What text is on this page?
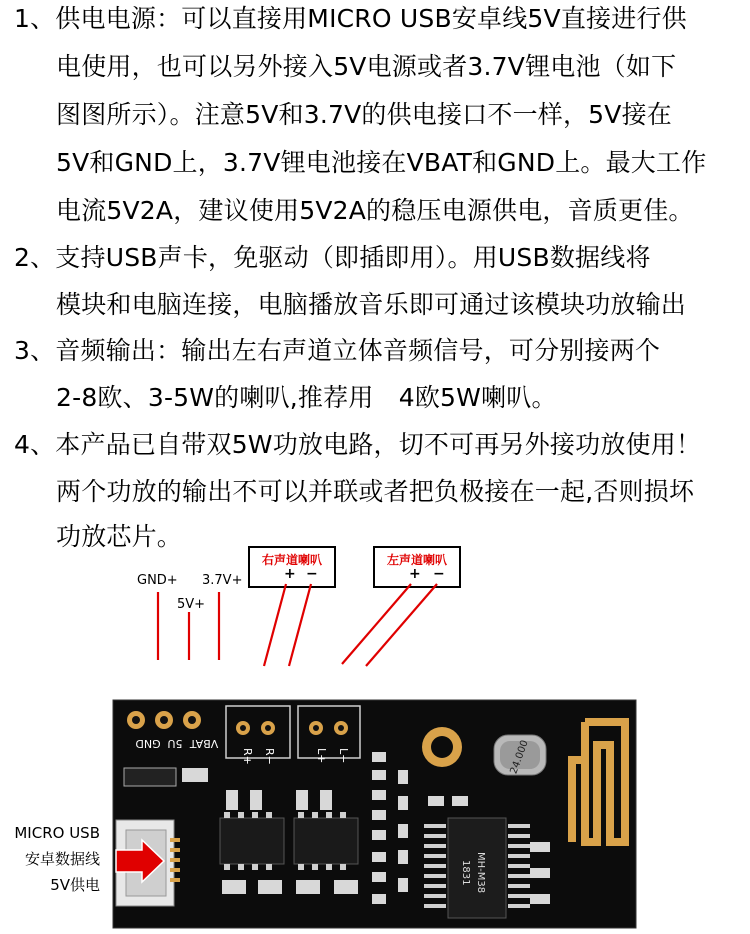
1、供电电源：可以直接用MICRO USB安卓线5V直接进行供
电使用，也可以另外接入5V电源或者3.7V锂电池（如下
图图所示）。注意5V和3.7V的供电接口不一样，5V接在
5V和GND上，3.7V锂电池接在VBAT和GND上。最大工作
电流5V2A，建议使用5V2A的稳压电源供电，音质更佳。
2、支持USB声卡，免驱动（即插即用）。用USB数据线将
模块和电脑连接，电脑播放音乐即可通过该模块功放输出
3、音频输出：输出左右声道立体音频信号，可分别接两个
2-8欧、3-5W的喇叭,推荐用　4欧5W喇叭。
4、本产品已自带双5W功放电路，切不可再另外接功放使用！
两个功放的输出不可以并联或者把负极接在一起,否则损坏
功放芯片。
GND+
5V+
3.7V+
右声道喇叭
+ −
左声道喇叭
+ −
GND 5U VBAT
R+ R−	L+ L−	24.000
MH-M38
1831
MICRO USB
安卓数据线
5V供电
